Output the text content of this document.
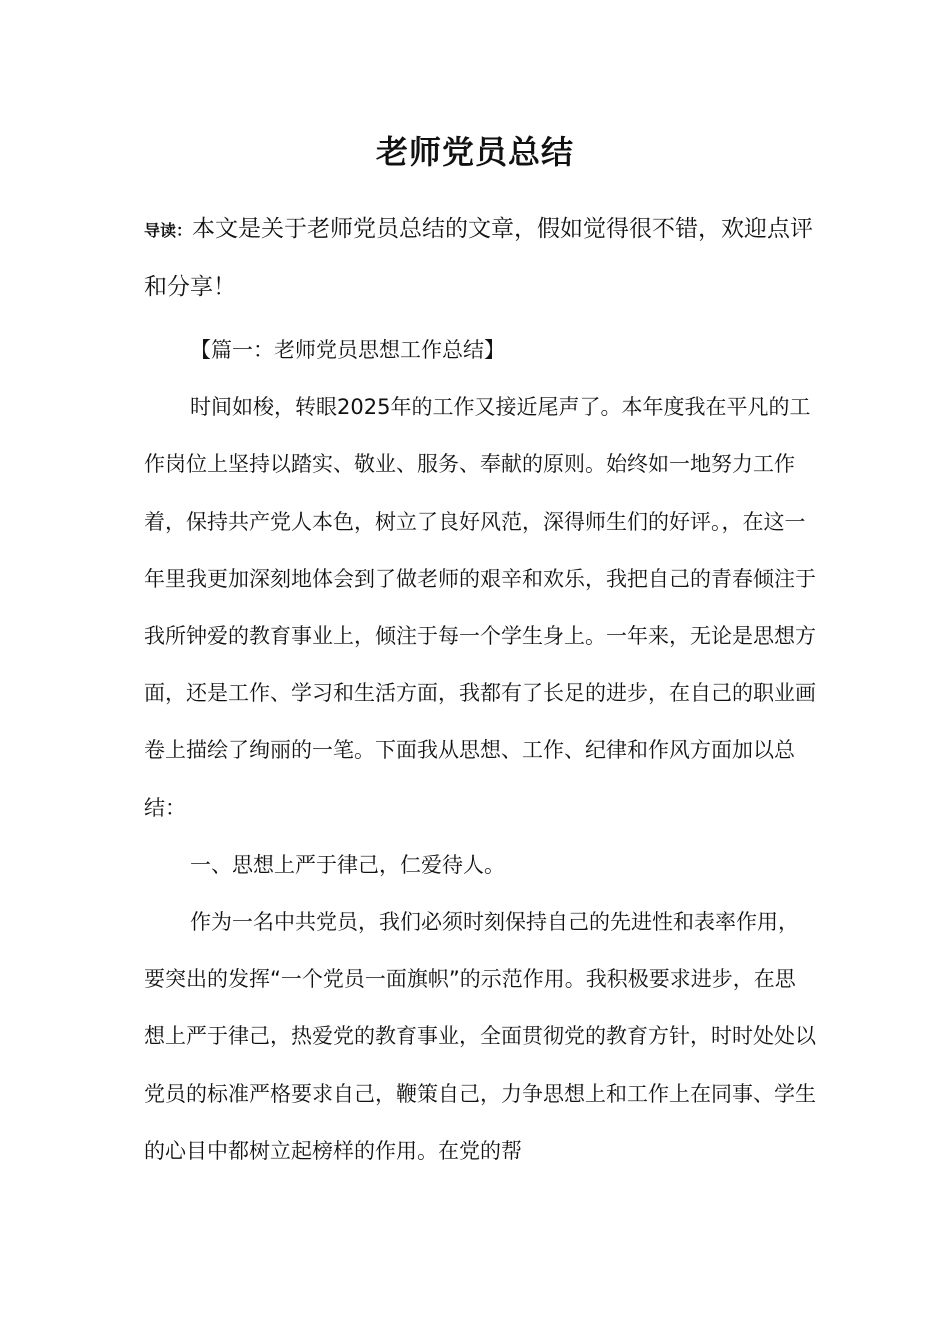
老师党员总结

导读：本文是关于老师党员总结的文章，假如觉得很不错，欢迎点评和分享！

【篇一：老师党员思想工作总结】

时间如梭，转眼2025年的工作又接近尾声了。本年度我在平凡的工作岗位上坚持以踏实、敬业、服务、奉献的原则。始终如一地努力工作着，保持共产党人本色，树立了良好风范，深得师生们的好评。，在这一年里我更加深刻地体会到了做老师的艰辛和欢乐，我把自己的青春倾注于我所钟爱的教育事业上，倾注于每一个学生身上。一年来，无论是思想方面，还是工作、学习和生活方面，我都有了长足的进步，在自己的职业画卷上描绘了绚丽的一笔。下面我从思想、工作、纪律和作风方面加以总结：

一、思想上严于律己，仁爱待人。

作为一名中共党员，我们必须时刻保持自己的先进性和表率作用，要突出的发挥“一个党员一面旗帜”的示范作用。我积极要求进步，在思想上严于律己，热爱党的教育事业，全面贯彻党的教育方针，时时处处以党员的标准严格要求自己，鞭策自己，力争思想上和工作上在同事、学生的心目中都树立起榜样的作用。在党的帮
